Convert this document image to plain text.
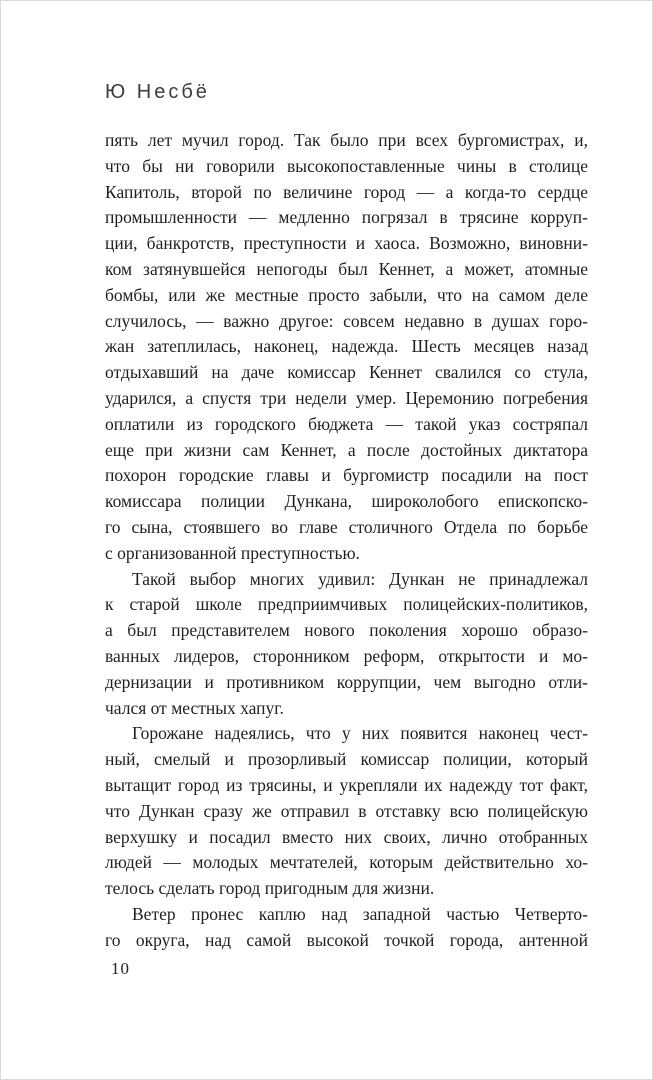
Ю Несбё
пять лет мучил город. Так было при всех бургомистрах, и,
что бы ни говорили высокопоставленные чины в столице
Капитоль, второй по величине город — а когда-то сердце
промышленности — медленно погрязал в трясине корруп-
ции, банкротств, преступности и хаоса. Возможно, виновни-
ком затянувшейся непогоды был Кеннет, а может, атомные
бомбы, или же местные просто забыли, что на самом деле
случилось, — важно другое: совсем недавно в душах горо-
жан затеплилась, наконец, надежда. Шесть месяцев назад
отдыхавший на даче комиссар Кеннет свалился со стула,
ударился, а спустя три недели умер. Церемонию погребения
оплатили из городского бюджета — такой указ состряпал
еще при жизни сам Кеннет, а после достойных диктатора
похорон городские главы и бургомистр посадили на пост
комиссара полиции Дункана, широколобого епископско-
го сына, стоявшего во главе столичного Отдела по борьбе
с организованной преступностью.
Такой выбор многих удивил: Дункан не принадлежал
к старой школе предприимчивых полицейских-политиков,
а был представителем нового поколения хорошо образо-
ванных лидеров, сторонником реформ, открытости и мо-
дернизации и противником коррупции, чем выгодно отли-
чался от местных хапуг.
Горожане надеялись, что у них появится наконец чест-
ный, смелый и прозорливый комиссар полиции, который
вытащит город из трясины, и укрепляли их надежду тот факт,
что Дункан сразу же отправил в отставку всю полицейскую
верхушку и посадил вместо них своих, лично отобранных
людей — молодых мечтателей, которым действительно хо-
телось сделать город пригодным для жизни.
Ветер пронес каплю над западной частью Четверто-
го округа, над самой высокой точкой города, антенной
10
